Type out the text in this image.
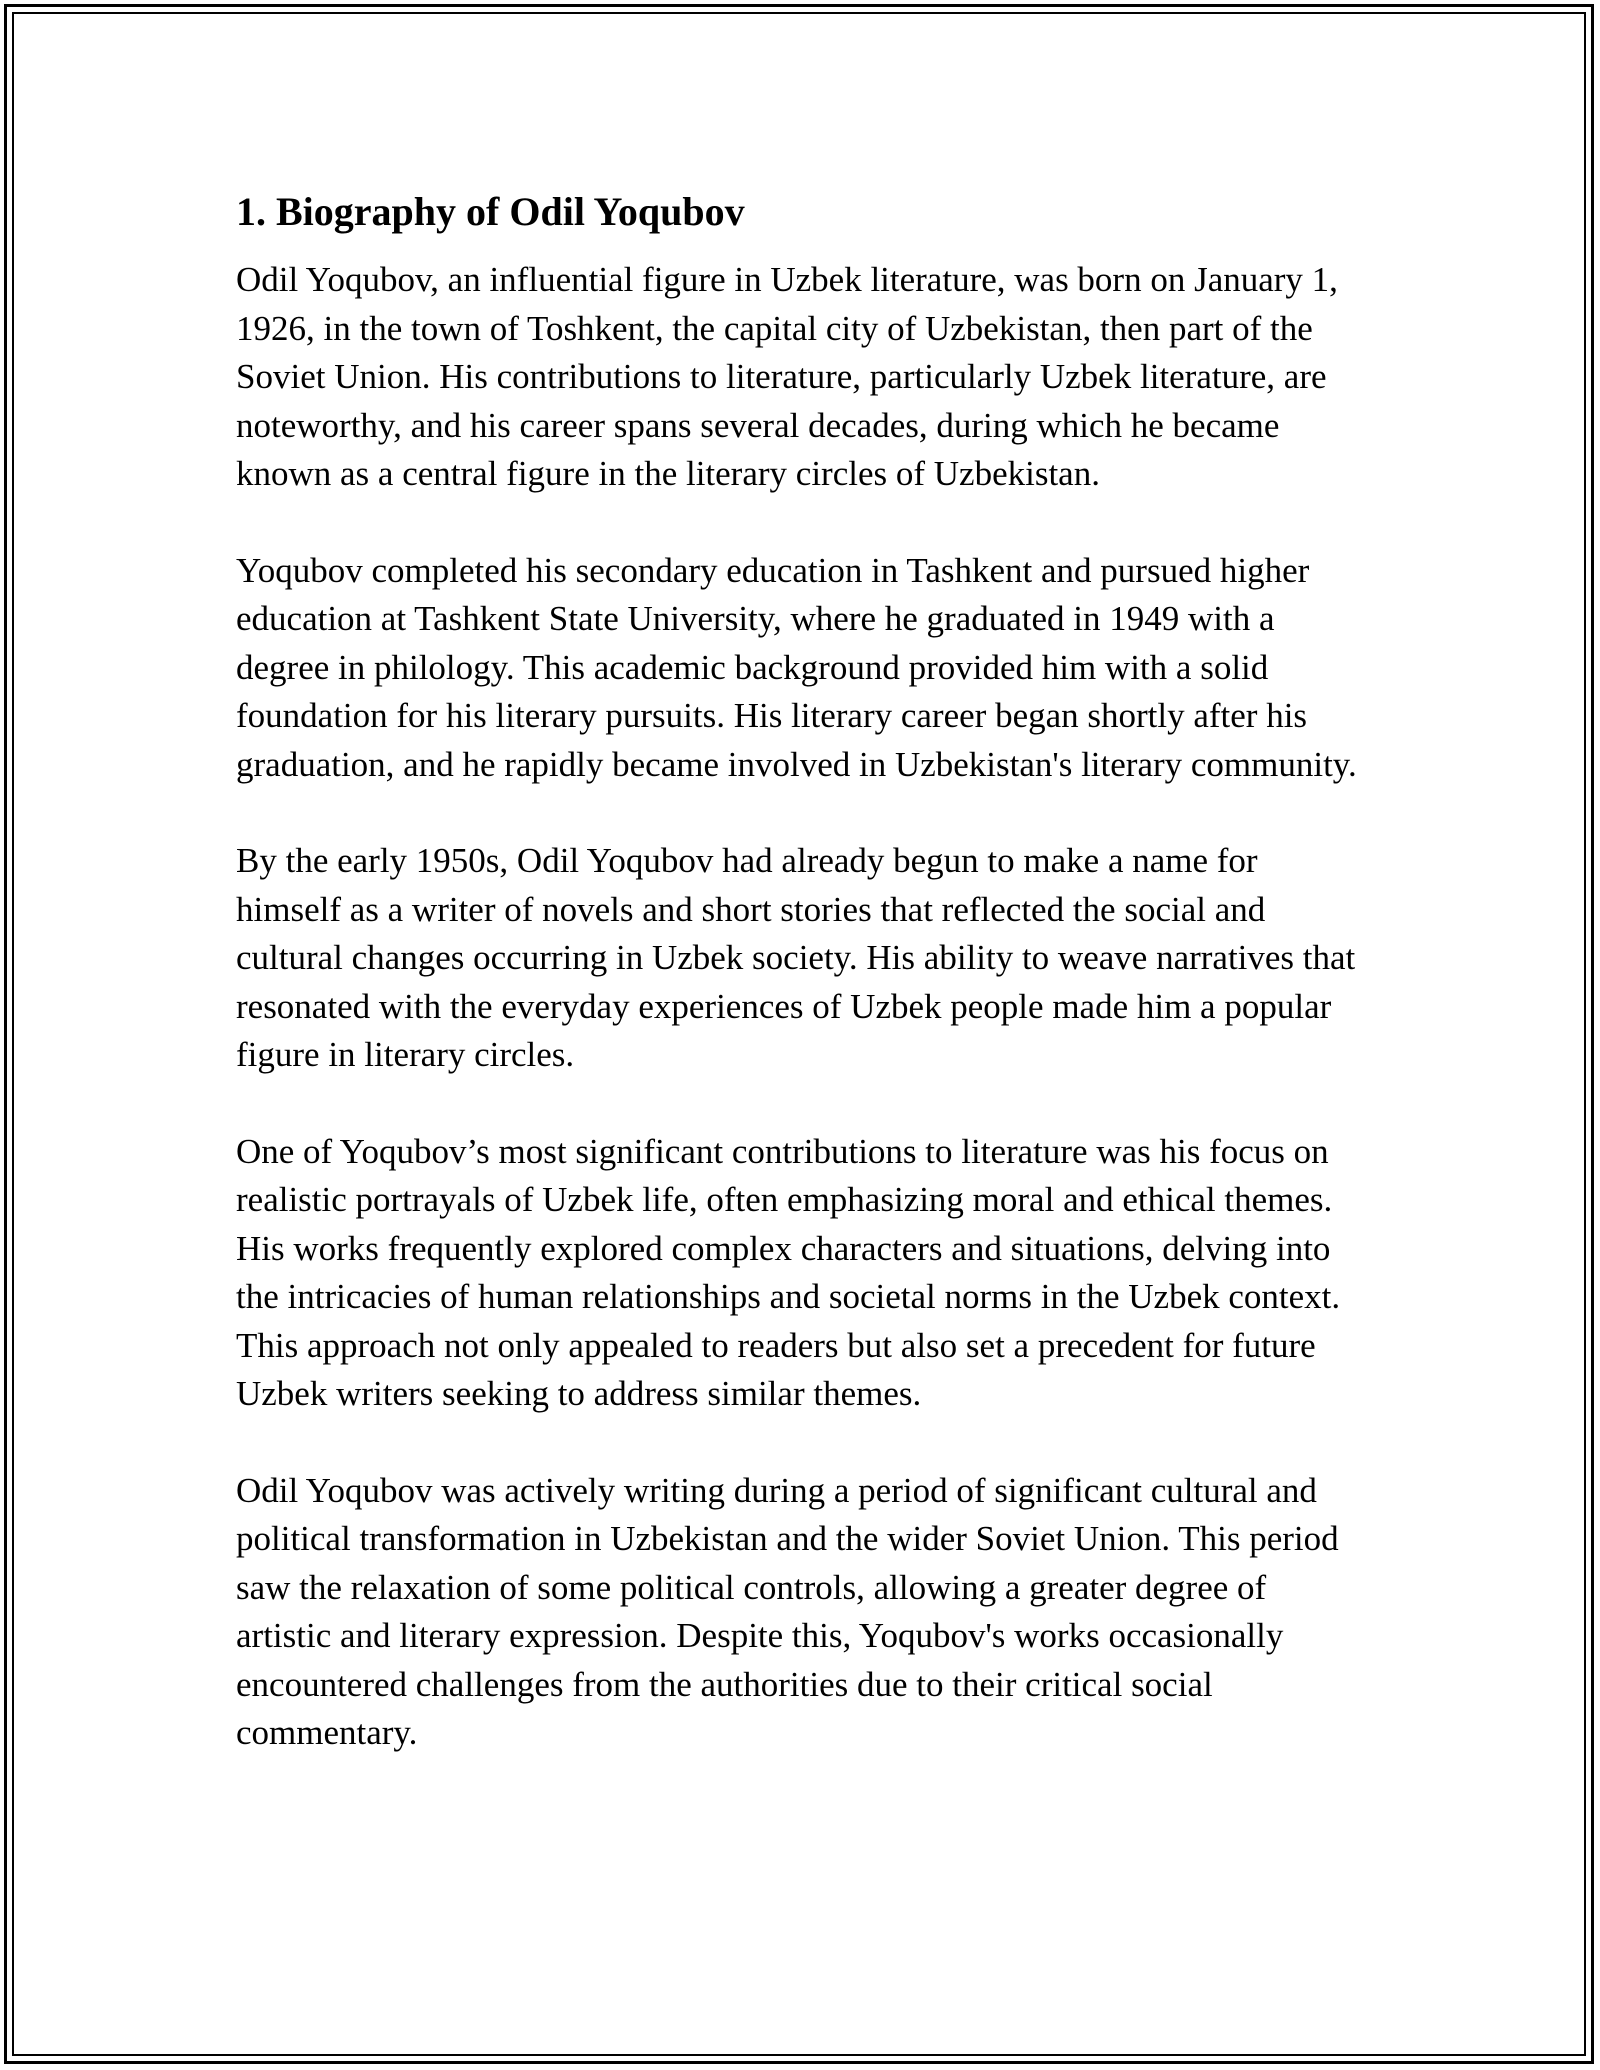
1. Biography of Odil Yoqubov

Odil Yoqubov, an influential figure in Uzbek literature, was born on January 1, 1926, in the town of Toshkent, the capital city of Uzbekistan, then part of the Soviet Union. His contributions to literature, particularly Uzbek literature, are noteworthy, and his career spans several decades, during which he became known as a central figure in the literary circles of Uzbekistan.

Yoqubov completed his secondary education in Tashkent and pursued higher education at Tashkent State University, where he graduated in 1949 with a degree in philology. This academic background provided him with a solid foundation for his literary pursuits. His literary career began shortly after his graduation, and he rapidly became involved in Uzbekistan's literary community.

By the early 1950s, Odil Yoqubov had already begun to make a name for himself as a writer of novels and short stories that reflected the social and cultural changes occurring in Uzbek society. His ability to weave narratives that resonated with the everyday experiences of Uzbek people made him a popular figure in literary circles.

One of Yoqubov’s most significant contributions to literature was his focus on realistic portrayals of Uzbek life, often emphasizing moral and ethical themes. His works frequently explored complex characters and situations, delving into the intricacies of human relationships and societal norms in the Uzbek context. This approach not only appealed to readers but also set a precedent for future Uzbek writers seeking to address similar themes.

Odil Yoqubov was actively writing during a period of significant cultural and political transformation in Uzbekistan and the wider Soviet Union. This period saw the relaxation of some political controls, allowing a greater degree of artistic and literary expression. Despite this, Yoqubov's works occasionally encountered challenges from the authorities due to their critical social commentary.
